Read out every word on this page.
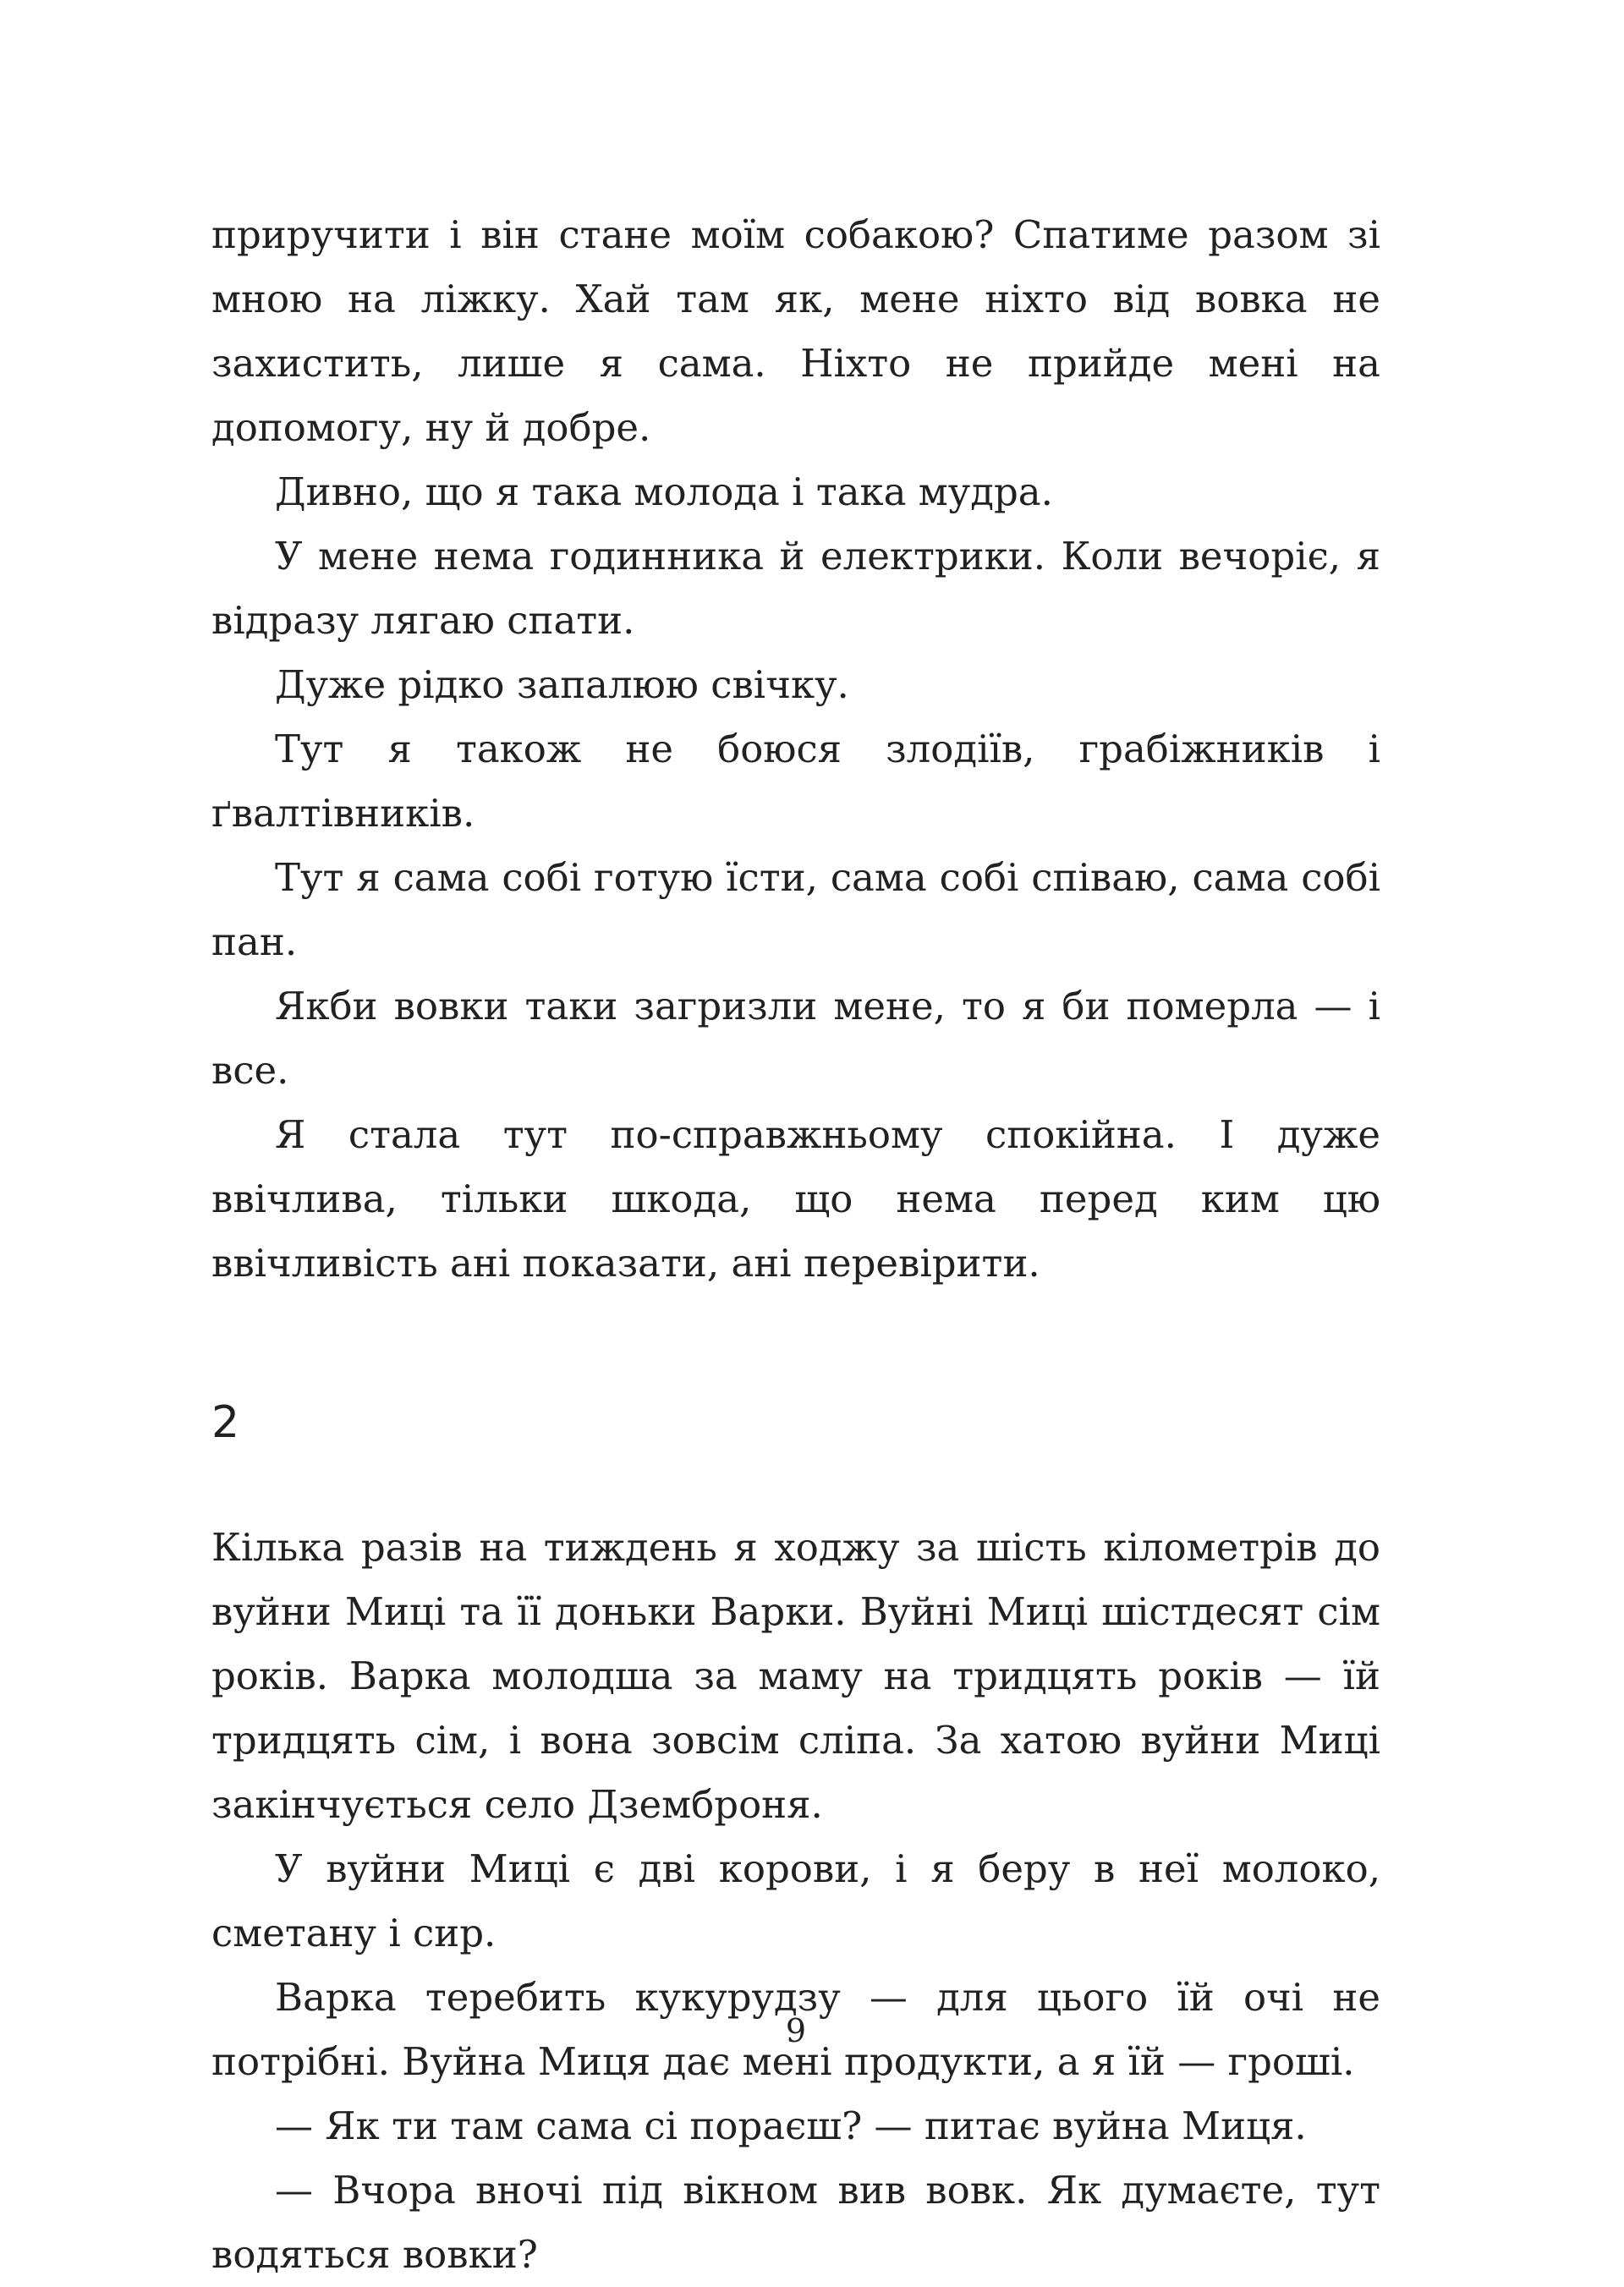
приручити і він стане моїм собакою? Спатиме разом зі мною на ліжку. Хай там як, мене ніхто від вовка не захистить, лише я сама. Ніхто не прийде мені на допомогу, ну й добре.

Дивно, що я така молода і така мудра.

У мене нема годинника й електрики. Коли вечоріє, я відразу лягаю спати.

Дуже рідко запалюю свічку.

Тут я також не боюся злодіїв, грабіжників і ґвалтівників.

Тут я сама собі готую їсти, сама собі співаю, сама собі пан.

Якби вовки таки загризли мене, то я би померла — і все.

Я стала тут по-справжньому спокійна. І дуже ввічлива, тільки шкода, що нема перед ким цю ввічливість ані показати, ані перевірити.

2

Кілька разів на тиждень я ходжу за шість кілометрів до вуйни Миці та її доньки Варки. Вуйні Миці шістдесят сім років. Варка молодша за маму на тридцять років — їй тридцять сім, і вона зовсім сліпа. За хатою вуйни Миці закінчується село Дземброня.

У вуйни Миці є дві корови, і я беру в неї молоко, сметану і сир.

Варка теребить кукурудзу — для цього їй очі не потрібні. Вуйна Миця дає мені продукти, а я їй — гроші.

— Як ти там сама сі пораєш? — питає вуйна Миця.

— Вчора вночі під вікном вив вовк. Як думаєте, тут водяться вовки?

9
